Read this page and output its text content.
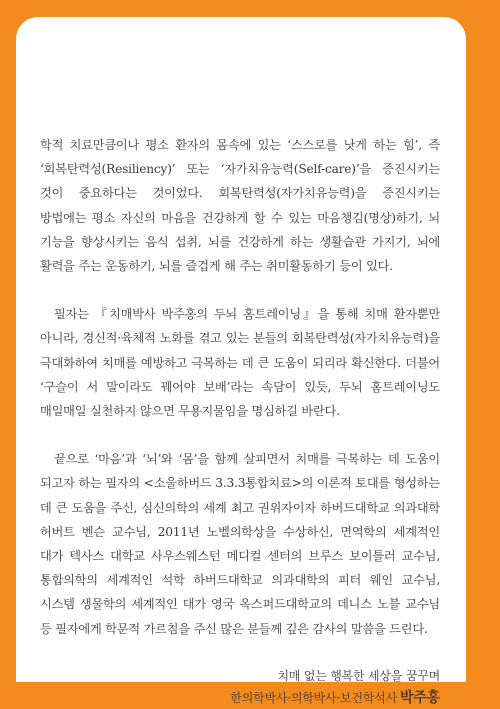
학적 치료만큼이나 평소 환자의 몸속에 있는 ‘스스로를 낫게 하는 힘’, 즉 ‘회복탄력성(Resiliency)’ 또는 ‘자가치유능력(Self-care)’을 증진시키는 것이 중요하다는 것이었다. 회복탄력성(자가치유능력)을 증진시키는 방법에는 평소 자신의 마음을 건강하게 할 수 있는 마음챙김(명상)하기, 뇌 기능을 향상시키는 음식 섭취, 뇌를 건강하게 하는 생활습관 가지기, 뇌에 활력을 주는 운동하기, 뇌를 즐겁게 해 주는 취미활동하기 등이 있다.

필자는 『치매박사 박주홍의 두뇌 홈트레이닝』을 통해 치매 환자뿐만 아니라, 경신적·육체적 노화를 겪고 있는 분들의 회복탄력성(자가치유능력)을 극대화하여 치매를 예방하고 극복하는 데 큰 도움이 되리라 확신한다. 더불어 ‘구슬이 서 말이라도 꿰어야 보배’라는 속담이 있듯, 두뇌 홈트레이닝도 매일매일 실천하지 않으면 무용지물임을 명심하길 바란다.

끝으로 ‘마음’과 ‘뇌’와 ‘몸’을 함께 살피면서 치매를 극복하는 데 도움이 되고자 하는 필자의 <소울하버드 3.3.3통합치료>의 이론적 토대를 형성하는 데 큰 도움을 주신, 심신의학의 세계 최고 권위자이자 하버드대학교 의과대학 허버트 벤슨 교수님, 2011년 노벨의학상을 수상하신, 면역학의 세계적인 대가 텍사스 대학교 사우스웨스턴 메디컬 센터의 브루스 보이틀러 교수님, 통합의학의 세계적인 석학 하버드대학교 의과대학의 피터 웨인 교수님, 시스템 생물학의 세계적인 대가 영국 옥스퍼드대학교의 데니스 노블 교수님 등 필자에게 학문적 가르침을 주신 많은 분들께 깊은 감사의 말씀을 드린다.

치매 없는 행복한 세상을 꿈꾸며
한의학박사·의학박사·보건학석사 박주홍
